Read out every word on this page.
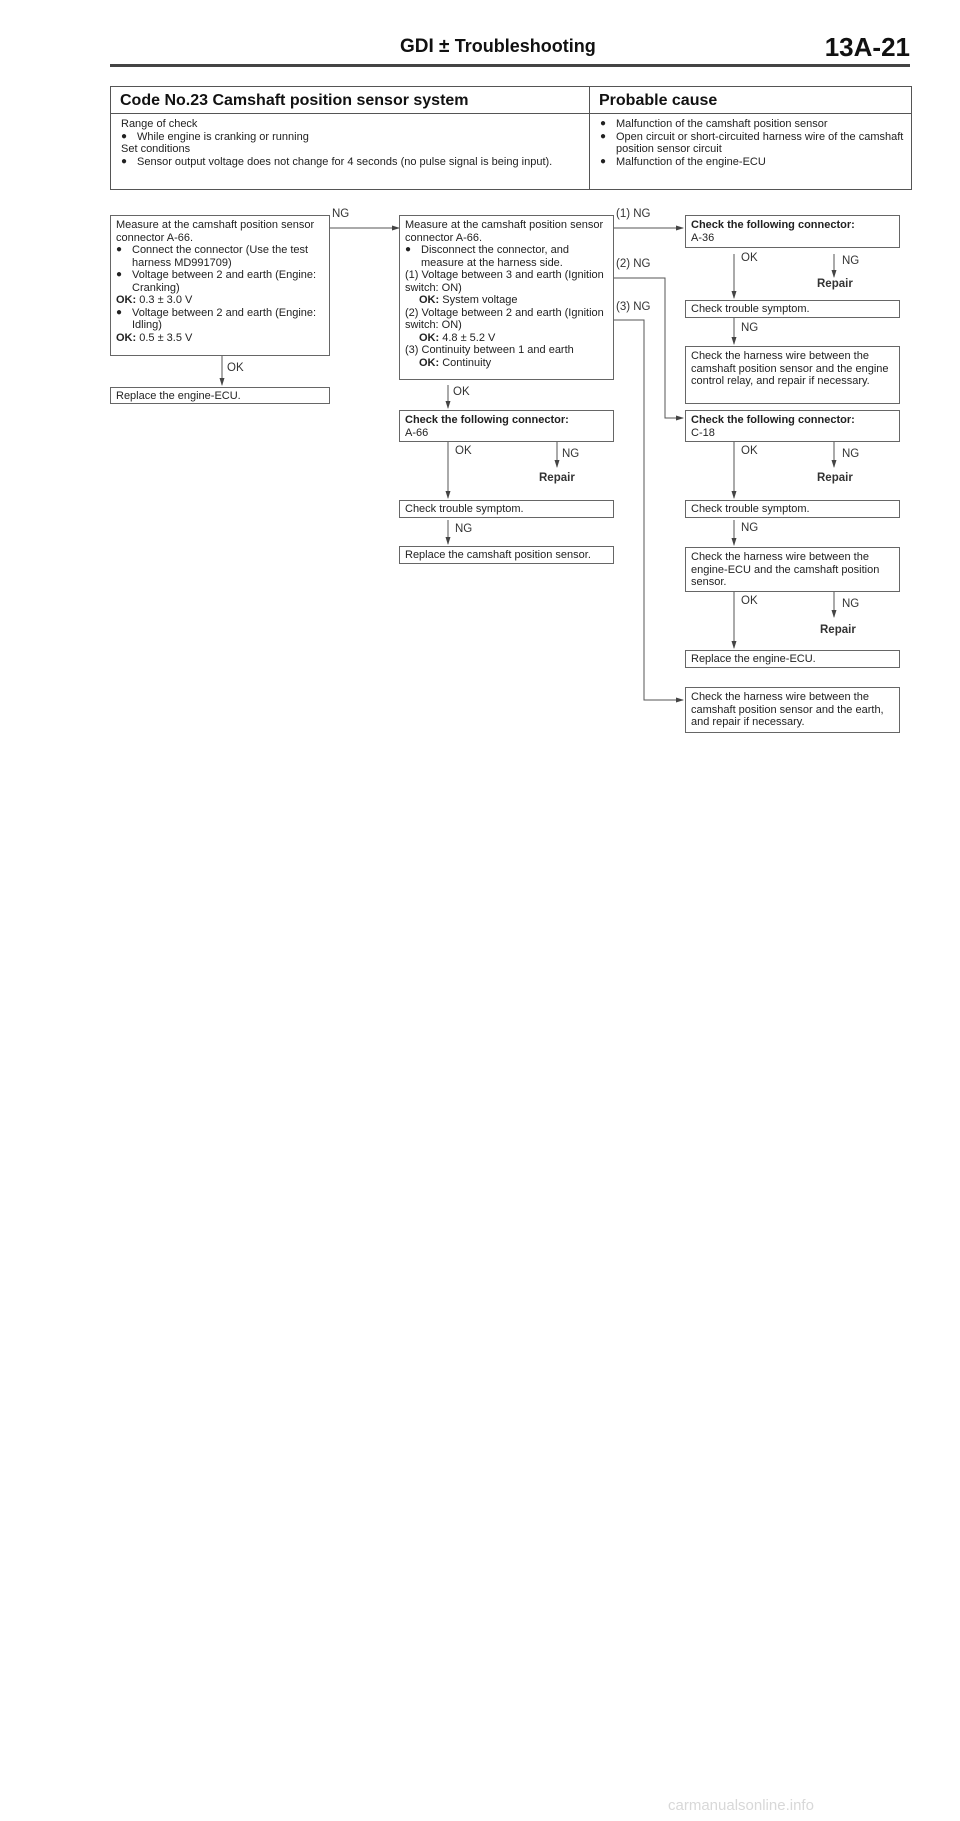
GDI ± Troubleshooting	13A-21
Code No.23 Camshaft position sensor system
Range of check
● While engine is cranking or running
Set conditions
● Sensor output voltage does not change for 4 seconds (no pulse signal is being input).
Probable cause
● Malfunction of the camshaft position sensor
● Open circuit or short-circuited harness wire of the camshaft position sensor circuit
● Malfunction of the engine-ECU
Measure at the camshaft position sensor connector A-66.
● Connect the connector (Use the test harness MD991709)
● Voltage between 2 and earth (Engine: Cranking)
OK: 0.3 ± 3.0 V
● Voltage between 2 and earth (Engine: Idling)
OK: 0.5 ± 3.5 V
NG
OK
Replace the engine-ECU.
Measure at the camshaft position sensor connector A-66.
● Disconnect the connector, and measure at the harness side.
(1) Voltage between 3 and earth (Ignition switch: ON)
OK: System voltage
(2) Voltage between 2 and earth (Ignition switch: ON)
OK: 4.8 ± 5.2 V
(3) Continuity between 1 and earth
OK: Continuity
(1) NG
(2) NG
(3) NG
OK
Check the following connector:
A-66
OK	NG
Repair
Check trouble symptom.
NG
Replace the camshaft position sensor.
Check the following connector:
A-36
OK	NG
Repair
Check trouble symptom.
NG
Check the harness wire between the camshaft position sensor and the engine control relay, and repair if necessary.
Check the following connector:
C-18
OK	NG
Repair
Check trouble symptom.
NG
Check the harness wire between the engine-ECU and the camshaft position sensor.
OK	NG
Repair
Replace the engine-ECU.
Check the harness wire between the camshaft position sensor and the earth, and repair if necessary.
carmanualsonline.info
